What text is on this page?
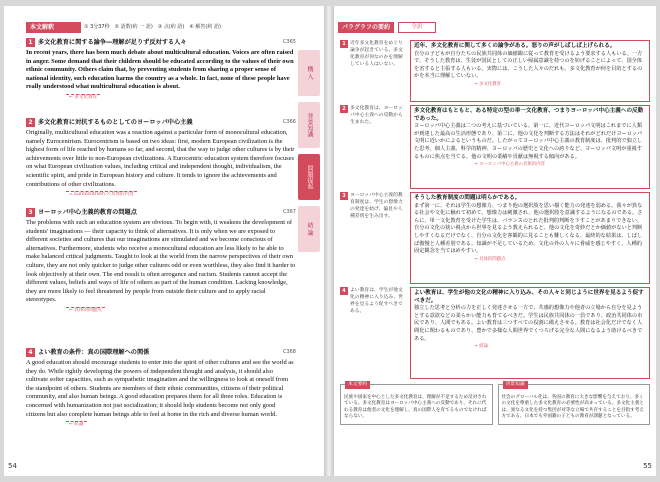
本文解釈	① 3分37秒　② 語数(約 一 語)　③ 点(約 語)　④ 解答(約 語)
1 多文化教育に関する論争―理解が足りず反対する人々	C365
In recent years, there has been much debate about multicultural education. Voices are often raised in anger. Some demand that their children should be educated according to the values of their own ethnic community. Others claim that, by preventing students from sharing a proper sense of national identity, such education harms the country as a whole. In fact, none of these people have really understood what multicultural education is about.
← 多文化教育
2 多文化教育に対抗するものとしてのヨーロッパ中心主義	C366
Originally, multicultural education was a reaction against a particular form of monocultural education, namely Eurocentrism. Eurocentrism is based on two ideas: first, modern European civilization is the highest form of life reached by humans so far, and second, that the way to judge other cultures is by their achievements over little to non-European civilizations. A Eurocentric education system therefore focuses on what European civilization values, including critical and independent thought, individualism, the scientific spirit, and pride in European history and culture. It tends to ignore the achievements and contributions of other civilizations.
= Eurocentrism の具体的内容
3 ヨーロッパ中心主義的教育の問題点	C367
The problems with such an education system are obvious. To begin with, it weakens the development of students' imaginations — their capacity to think of alternatives. It is only when we are exposed to different societies and cultures that our imaginations are stimulated and we become conscious of alternatives. Furthermore, students who receive a monocultural education are less likely to be able to make balanced critical judgments. Taught to look at the world from the narrow perspectives of their own culture, they are not only quicker to judge other cultures odd or even worthless, they also find it harder to look objectively at their own. The end result is often arrogance and racism. Students cannot accept the different values, beliefs and ways of life of others as part of the human condition. Lacking knowledge, they are more likely to feel threatened by people from outside their culture and to apply racial stereotypes.
← 具体的問題点
4 よい教育の条件：真の国際理解への関係	C368
A good education should encourage students to enter into the spirit of other cultures and see the world as they do. While rightly developing the powers of independent thought and analysis, it should also cultivate softer capacities, such as sympathetic imagination and the willingness to look at oneself from the standpoint of others. Students are members of their ethnic communities, citizens of their political community, and also human beings. A good education prepares them for all three roles. Education is concerned with humanization not just socialization; it should help students become not only good citizens but also complete human beings able to feel at home in the rich and diverse human world.
← 結論
構 入
背景知識
問題提起
結 論
54
パラグラフの要約	全訳
1 近年多文化教育をめぐり論争が起きている。多文化教育が何なのかを理解している人はいない。
近年、多文化教育に関して多くの論争がある。怒りの声がしばしば上げられる。
自分の子どもが自分たちの民族共同体の価値観に従って教育を受けるよう要求する人もいる。一方で、そうした教育は、生徒が国民としての正しい帰属意識を持つのを妨げることによって、国全体を害すると主張する人もいる。実際には、こうした人々のだれも、多文化教育が何を目的とするのかを本当に理解していない。
→ 多文化教育
2 多文化教育は、ヨーロッパ中心主義への反動から生まれた。
多文化教育はもともと、ある特定の型の単一文化教育、つまりヨーロッパ中心主義への反動であった。
ヨーロッパ中心主義は二つの考えに基づいている。第一に、近代ヨーロッパ文明はこれまでに人類が到達した最高の生活形態であり、第二に、他の文化を判断する方法はそれがどれだけヨーロッパ文明に近いかによるというものだ。したがってヨーロッパ中心主義の教育制度は、批判的で独立した思考、個人主義、科学的精神、ヨーロッパの歴史と文化への誇りなど、ヨーロッパ文明が重視するものに焦点を当てる。他の文明の業績や貢献は無視する傾向がある。
→ ヨーロッパ中心主義の具体的内容
3 ヨーロッパ中心主義的教育制度は、学生の想像力の発達を妨げ、偏見や人種差別を生み出す。
そうした教育制度の問題は明らかである。
まず第一に、それは学生の想像力、つまり他の選択肢を思い描く能力の発達を弱める。我々が異なる社会や文化に触れて初めて、想像力は刺激され、他の選択肢を意識するようになるのである。さらに、単一文化教育を受けた学生は、バランスのとれた批判的判断を下すことがあまりできない。自分の文化の狭い視点から世界を見るよう教えられると、他の文化を奇妙だとか価値がないと判断しやすくなるだけでなく、自分の文化を客観的に見ることも難しくなる。最終的な結果は、しばしば傲慢と人種差別である。知識が不足しているため、文化の外の人々に脅威を感じやすく、人種的固定観念を当てはめやすい。
→ 具体的問題点
4 よい教育は、学生が他文化の精神に入り込み、世界を見るよう促すべきである。
よい教育は、学生が他の文化の精神に入り込み、その人々と同じように世界を見るよう促すべきだ。
独立した思考と分析の力を正しく発達させる一方で、共感的想像力や他者の立場から自分を見ようとする意欲などの柔らかい能力も育てるべきだ。学生は民族共同体の一員であり、政治共同体の市民であり、人間でもある。よい教育は三つすべての役割に備えさせる。教育は社会化だけでなく人間化に関わるものであり、豊かで多様な人間世界でくつろげる完全な人間になるよう助けるべきである。
→ 結論
本文要約
民族や国家を中心とした多文化教育は、理解が不足するため反対されている。多文化教育はヨーロッパ中心主義への反動であり、それに代わる教育は他者の文化を理解し、真の国際人を育てるものでなければならない。
背景知識
社会のグローバル化は、各国の教育に大きな影響を与えており、多くの文化を尊重した多文化教育の必要性が高まっている。多文化主義とは、異なる文化を持つ集団が対等な立場で共存することを目指す考え方である。日本でも外国籍の子どもの教育が課題となっている。
55
